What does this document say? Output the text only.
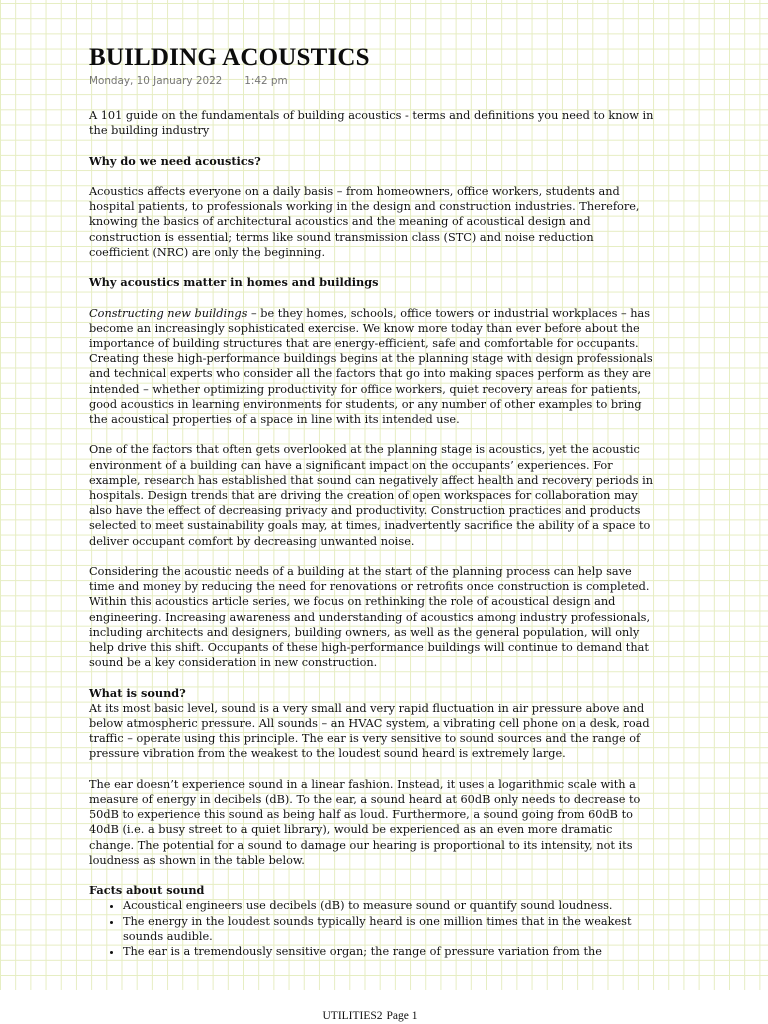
BUILDING ACOUSTICS
Monday, 10 January 2022 1:42 pm

A 101 guide on the fundamentals of building acoustics - terms and definitions you need to know in the building industry

Why do we need acoustics?

Acoustics affects everyone on a daily basis – from homeowners, office workers, students and hospital patients, to professionals working in the design and construction industries. Therefore, knowing the basics of architectural acoustics and the meaning of acoustical design and construction is essential; terms like sound transmission class (STC) and noise reduction coefficient (NRC) are only the beginning.

Why acoustics matter in homes and buildings

Constructing new buildings – be they homes, schools, office towers or industrial workplaces – has become an increasingly sophisticated exercise. We know more today than ever before about the importance of building structures that are energy-efficient, safe and comfortable for occupants. Creating these high-performance buildings begins at the planning stage with design professionals and technical experts who consider all the factors that go into making spaces perform as they are intended – whether optimizing productivity for office workers, quiet recovery areas for patients, good acoustics in learning environments for students, or any number of other examples to bring the acoustical properties of a space in line with its intended use.

One of the factors that often gets overlooked at the planning stage is acoustics, yet the acoustic environment of a building can have a significant impact on the occupants’ experiences. For example, research has established that sound can negatively affect health and recovery periods in hospitals. Design trends that are driving the creation of open workspaces for collaboration may also have the effect of decreasing privacy and productivity. Construction practices and products selected to meet sustainability goals may, at times, inadvertently sacrifice the ability of a space to deliver occupant comfort by decreasing unwanted noise.

Considering the acoustic needs of a building at the start of the planning process can help save time and money by reducing the need for renovations or retrofits once construction is completed. Within this acoustics article series, we focus on rethinking the role of acoustical design and engineering. Increasing awareness and understanding of acoustics among industry professionals, including architects and designers, building owners, as well as the general population, will only help drive this shift. Occupants of these high-performance buildings will continue to demand that sound be a key consideration in new construction.

What is sound?

At its most basic level, sound is a very small and very rapid fluctuation in air pressure above and below atmospheric pressure. All sounds – an HVAC system, a vibrating cell phone on a desk, road traffic – operate using this principle. The ear is very sensitive to sound sources and the range of pressure vibration from the weakest to the loudest sound heard is extremely large.

The ear doesn’t experience sound in a linear fashion. Instead, it uses a logarithmic scale with a measure of energy in decibels (dB). To the ear, a sound heard at 60dB only needs to decrease to 50dB to experience this sound as being half as loud. Furthermore, a sound going from 60dB to 40dB (i.e. a busy street to a quiet library), would be experienced as an even more dramatic change. The potential for a sound to damage our hearing is proportional to its intensity, not its loudness as shown in the table below.

Facts about sound
• Acoustical engineers use decibels (dB) to measure sound or quantify sound loudness.
• The energy in the loudest sounds typically heard is one million times that in the weakest sounds audible.
• The ear is a tremendously sensitive organ; the range of pressure variation from the
UTILITIES2 Page 1
